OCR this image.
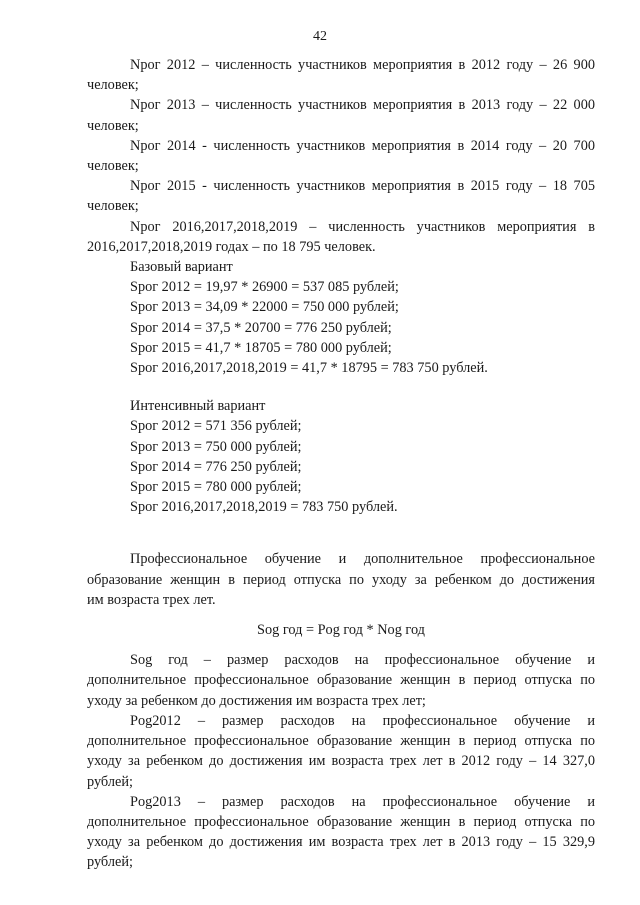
42

Nрог 2012 – численность участников мероприятия в 2012 году – 26 900

человек;

Nрог 2013 – численность участников мероприятия в 2013 году – 22 000

человек;

Nрог 2014 - численность участников мероприятия в 2014 году – 20 700

человек;

Nрог 2015 - численность участников мероприятия в 2015 году – 18 705

человек;

Nрог 2016,2017,2018,2019 – численность участников мероприятия в

2016,2017,2018,2019 годах – по 18 795 человек.

Базовый вариант

Sрог 2012 = 19,97 * 26900 = 537 085 рублей;

Sрог 2013 = 34,09 * 22000 = 750 000 рублей;

Sрог 2014 = 37,5 * 20700 = 776 250 рублей;

Sрог 2015 = 41,7 * 18705 = 780 000 рублей;

Sрог 2016,2017,2018,2019 = 41,7 * 18795 = 783 750 рублей.

Интенсивный вариант

Sрог 2012 = 571 356 рублей;

Sрог 2013 = 750 000 рублей;

Sрог 2014 = 776 250 рублей;

Sрог 2015 = 780 000 рублей;

Sрог 2016,2017,2018,2019 = 783 750 рублей.

Профессиональное обучение и дополнительное профессиональное

образование женщин в период отпуска по уходу за ребенком до достижения

им возраста трех лет.

Sоg год = Pоg год * Nоg год

Sоg год – размер расходов на профессиональное обучение и

дополнительное профессиональное образование женщин в период отпуска по

уходу за ребенком до достижения им возраста трех лет;

Pоg2012 – размер расходов на профессиональное обучение и

дополнительное профессиональное образование женщин в период отпуска по

уходу за ребенком до достижения им возраста трех лет в 2012 году – 14 327,0

рублей;

Pоg2013 – размер расходов на профессиональное обучение и

дополнительное профессиональное образование женщин в период отпуска по

уходу за ребенком до достижения им возраста трех лет в 2013 году – 15 329,9

рублей;
